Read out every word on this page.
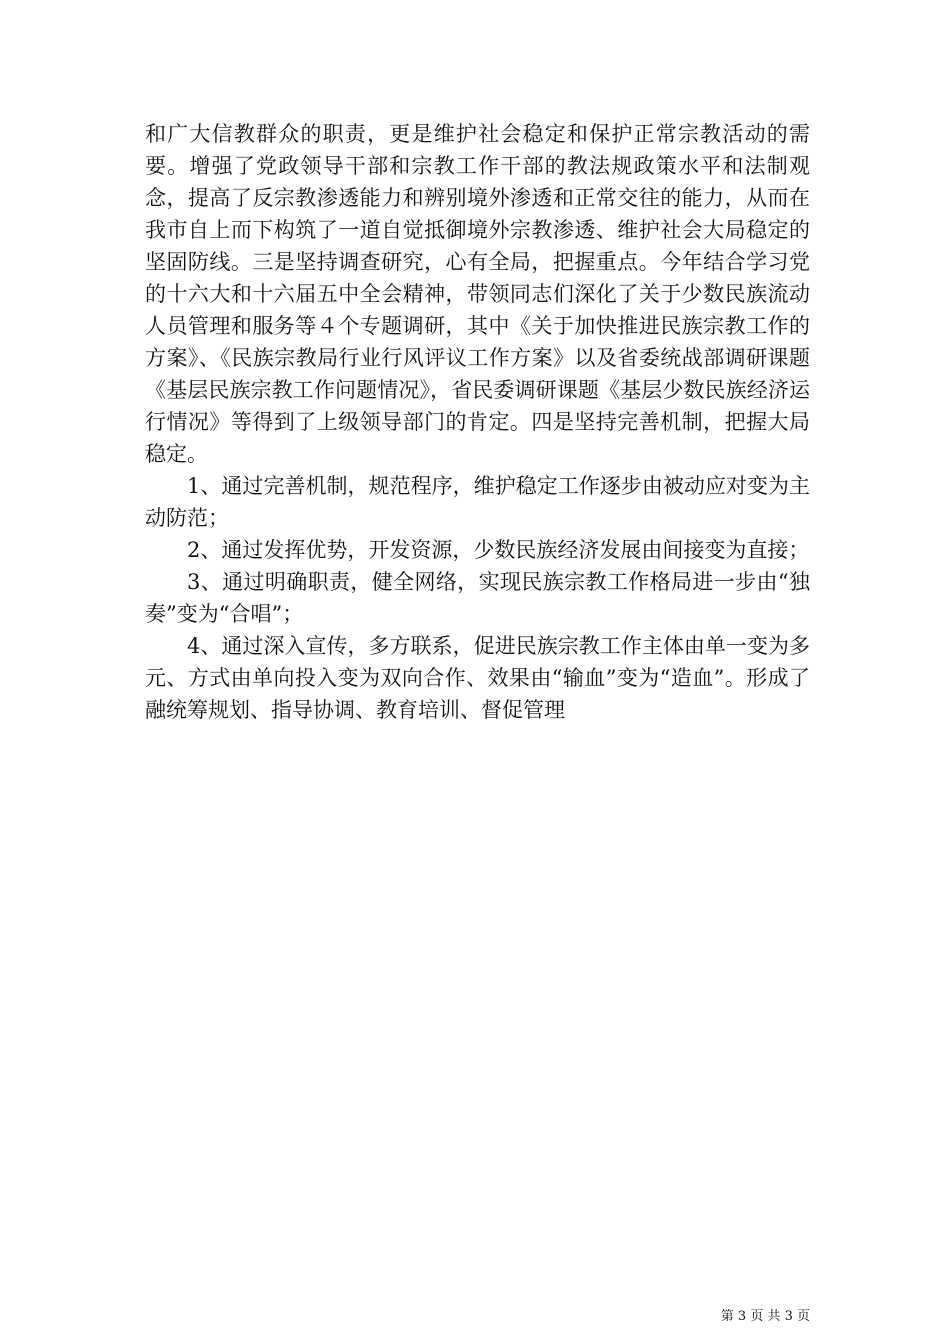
和广大信教群众的职责，更是维护社会稳定和保护正常宗教活动的需要。增强了党政领导干部和宗教工作干部的教法规政策水平和法制观念，提高了反宗教渗透能力和辨别境外渗透和正常交往的能力，从而在我市自上而下构筑了一道自觉抵御境外宗教渗透、维护社会大局稳定的坚固防线。三是坚持调查研究，心有全局，把握重点。今年结合学习党的十六大和十六届五中全会精神，带领同志们深化了关于少数民族流动人员管理和服务等４个专题调研，其中《关于加快推进民族宗教工作的方案》、《民族宗教局行业行风评议工作方案》以及省委统战部调研课题《基层民族宗教工作问题情况》，省民委调研课题《基层少数民族经济运行情况》等得到了上级领导部门的肯定。四是坚持完善机制，把握大局稳定。

1、通过完善机制，规范程序，维护稳定工作逐步由被动应对变为主动防范；

2、通过发挥优势，开发资源，少数民族经济发展由间接变为直接；

3、通过明确职责，健全网络，实现民族宗教工作格局进一步由“独奏”变为“合唱”；

4、通过深入宣传，多方联系，促进民族宗教工作主体由单一变为多元、方式由单向投入变为双向合作、效果由“输血”变为“造血”。形成了融统筹规划、指导协调、教育培训、督促管理

第 3 页 共 3 页
